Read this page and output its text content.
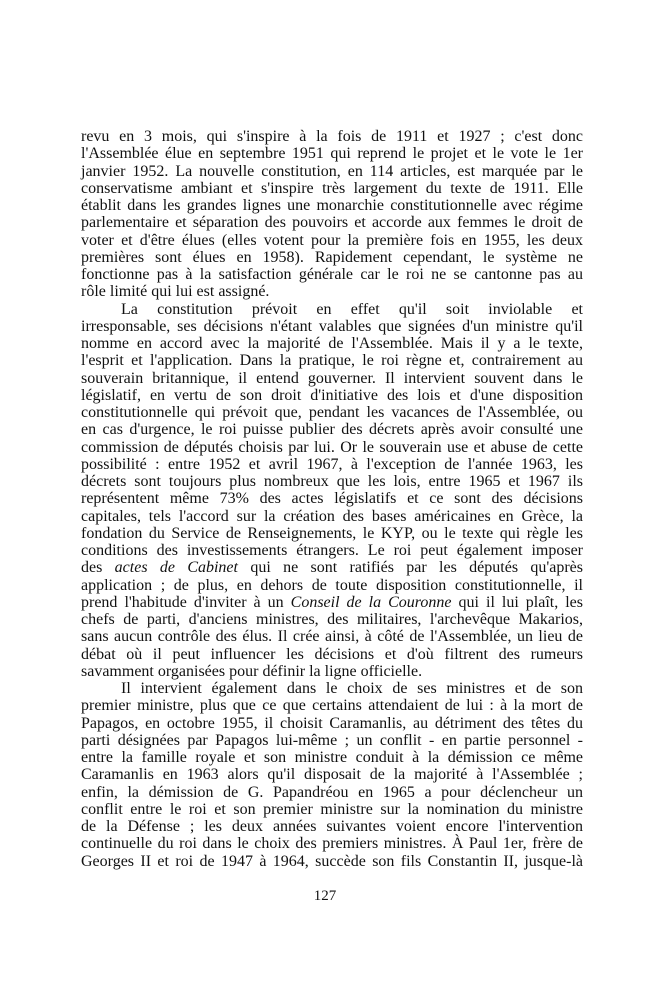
revu en 3 mois, qui s'inspire à la fois de 1911 et 1927 ; c'est donc
l'Assemblée élue en septembre 1951 qui reprend le projet et le vote le 1er
janvier 1952. La nouvelle constitution, en 114 articles, est marquée par le
conservatisme ambiant et s'inspire très largement du texte de 1911. Elle
établit dans les grandes lignes une monarchie constitutionnelle avec régime
parlementaire et séparation des pouvoirs et accorde aux femmes le droit de
voter et d'être élues (elles votent pour la première fois en 1955, les deux
premières sont élues en 1958). Rapidement cependant, le système ne
fonctionne pas à la satisfaction générale car le roi ne se cantonne pas au
rôle limité qui lui est assigné.
La constitution prévoit en effet qu'il soit inviolable et
irresponsable, ses décisions n'étant valables que signées d'un ministre qu'il
nomme en accord avec la majorité de l'Assemblée. Mais il y a le texte,
l'esprit et l'application. Dans la pratique, le roi règne et, contrairement au
souverain britannique, il entend gouverner. Il intervient souvent dans le
législatif, en vertu de son droit d'initiative des lois et d'une disposition
constitutionnelle qui prévoit que, pendant les vacances de l'Assemblée, ou
en cas d'urgence, le roi puisse publier des décrets après avoir consulté une
commission de députés choisis par lui. Or le souverain use et abuse de cette
possibilité : entre 1952 et avril 1967, à l'exception de l'année 1963, les
décrets sont toujours plus nombreux que les lois, entre 1965 et 1967 ils
représentent même 73% des actes législatifs et ce sont des décisions
capitales, tels l'accord sur la création des bases américaines en Grèce, la
fondation du Service de Renseignements, le KYP, ou le texte qui règle les
conditions des investissements étrangers. Le roi peut également imposer
des actes de Cabinet qui ne sont ratifiés par les députés qu'après
application ; de plus, en dehors de toute disposition constitutionnelle, il
prend l'habitude d'inviter à un Conseil de la Couronne qui il lui plaît, les
chefs de parti, d'anciens ministres, des militaires, l'archevêque Makarios,
sans aucun contrôle des élus. Il crée ainsi, à côté de l'Assemblée, un lieu de
débat où il peut influencer les décisions et d'où filtrent des rumeurs
savamment organisées pour définir la ligne officielle.
Il intervient également dans le choix de ses ministres et de son
premier ministre, plus que ce que certains attendaient de lui : à la mort de
Papagos, en octobre 1955, il choisit Caramanlis, au détriment des têtes du
parti désignées par Papagos lui-même ; un conflit - en partie personnel -
entre la famille royale et son ministre conduit à la démission ce même
Caramanlis en 1963 alors qu'il disposait de la majorité à l'Assemblée ;
enfin, la démission de G. Papandréou en 1965 a pour déclencheur un
conflit entre le roi et son premier ministre sur la nomination du ministre
de la Défense ; les deux années suivantes voient encore l'intervention
continuelle du roi dans le choix des premiers ministres. À Paul 1er, frère de
Georges II et roi de 1947 à 1964, succède son fils Constantin II, jusque-là
127
